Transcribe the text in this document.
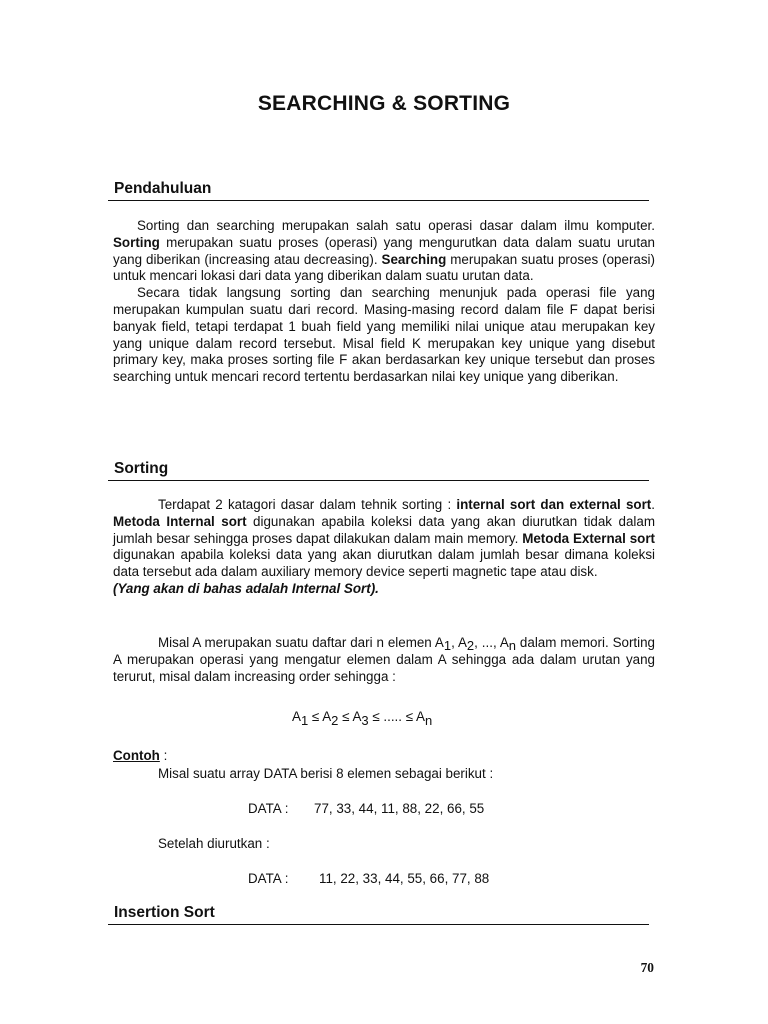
SEARCHING & SORTING
Pendahuluan

Sorting dan searching merupakan salah satu operasi dasar dalam ilmu komputer. Sorting merupakan suatu proses (operasi) yang mengurutkan data dalam suatu urutan yang diberikan (increasing atau decreasing). Searching merupakan suatu proses (operasi) untuk mencari lokasi dari data yang diberikan dalam suatu urutan data.

Secara tidak langsung sorting dan searching menunjuk pada operasi file yang merupakan kumpulan suatu dari record. Masing-masing record dalam file F dapat berisi banyak field, tetapi terdapat 1 buah field yang memiliki nilai unique atau merupakan key yang unique dalam record tersebut. Misal field K merupakan key unique yang disebut primary key, maka proses sorting file F akan berdasarkan key unique tersebut dan proses searching untuk mencari record tertentu berdasarkan nilai key unique yang diberikan.

Sorting

Terdapat 2 katagori dasar dalam tehnik sorting : internal sort dan external sort. Metoda Internal sort digunakan apabila koleksi data yang akan diurutkan tidak dalam jumlah besar sehingga proses dapat dilakukan dalam main memory. Metoda External sort digunakan apabila koleksi data yang akan diurutkan dalam jumlah besar dimana koleksi data tersebut ada dalam auxiliary memory device seperti magnetic tape atau disk.

(Yang akan di bahas adalah Internal Sort).

Misal A merupakan suatu daftar dari n elemen A1, A2, ..., An dalam memori. Sorting A merupakan operasi yang mengatur elemen dalam A sehingga ada dalam urutan yang terurut, misal dalam increasing order sehingga :

A1 ≤ A2 ≤ A3 ≤ ..... ≤ An
Contoh :
Misal suatu array DATA berisi 8 elemen sebagai berikut :
DATA : 77, 33, 44, 11, 88, 22, 66, 55
Setelah diurutkan :
DATA : 11, 22, 33, 44, 55, 66, 77, 88
Insertion Sort
70
